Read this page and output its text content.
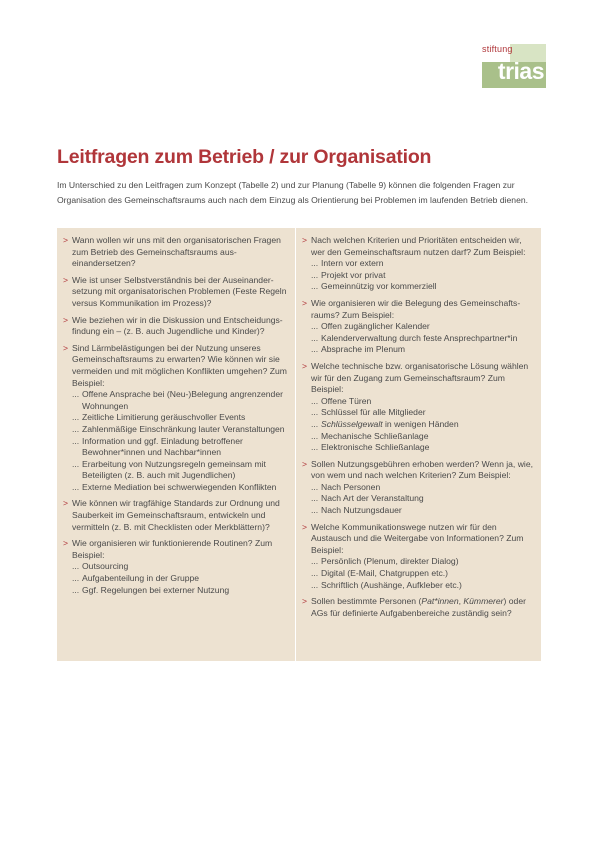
stiftung
trias
Leitfragen zum Betrieb / zur Organisation

Im Unterschied zu den Leitfragen zum Konzept (Tabelle 2) und zur Planung (Tabelle 9) können die folgenden Fragen zur Organisation des Gemeinschaftsraums auch nach dem Einzug als Orientierung bei Problemen im laufenden Betrieb dienen.

> Wann wollen wir uns mit den organisatorischen Fragen zum Betrieb des Gemeinschaftsraums auseinandersetzen?
> Wie ist unser Selbstverständnis bei der Auseinandersetzung mit organisatorischen Problemen (Feste Regeln versus Kommunikation im Prozess)?
> Wie beziehen wir in die Diskussion und Entscheidungsfindung ein – (z. B. auch Jugendliche und Kinder)?
> Sind Lärmbelästigungen bei der Nutzung unseres Gemeinschaftsraums zu erwarten? Wie können wir sie vermeiden und mit möglichen Konflikten umgehen? Zum Beispiel:
... Offene Ansprache bei (Neu-)Belegung angrenzender Wohnungen
... Zeitliche Limitierung geräuschvoller Events
... Zahlenmäßige Einschränkung lauter Veranstaltungen
... Information und ggf. Einladung betroffener Bewohner*innen und Nachbar*innen
... Erarbeitung von Nutzungsregeln gemeinsam mit Beteiligten (z. B. auch mit Jugendlichen)
... Externe Mediation bei schwerwiegenden Konflikten
> Wie können wir tragfähige Standards zur Ordnung und Sauberkeit im Gemeinschaftsraum, entwickeln und vermitteln (z. B. mit Checklisten oder Merkblättern)?
> Wie organisieren wir funktionierende Routinen? Zum Beispiel:
... Outsourcing
... Aufgabenteilung in der Gruppe
... Ggf. Regelungen bei externer Nutzung
> Nach welchen Kriterien und Prioritäten entscheiden wir, wer den Gemeinschaftsraum nutzen darf? Zum Beispiel:
... Intern vor extern
... Projekt vor privat
... Gemeinnützig vor kommerziell
> Wie organisieren wir die Belegung des Gemeinschaftsraums? Zum Beispiel:
... Offen zugänglicher Kalender
... Kalenderverwaltung durch feste Ansprechpartner*in
... Absprache im Plenum
> Welche technische bzw. organisatorische Lösung wählen wir für den Zugang zum Gemeinschaftsraum? Zum Beispiel:
... Offene Türen
... Schlüssel für alle Mitglieder
... Schlüsselgewalt in wenigen Händen
... Mechanische Schließanlage
... Elektronische Schließanlage
> Sollen Nutzungsgebühren erhoben werden? Wenn ja, wie, von wem und nach welchen Kriterien? Zum Beispiel:
... Nach Personen
... Nach Art der Veranstaltung
... Nach Nutzungsdauer
> Welche Kommunikationswege nutzen wir für den Austausch und die Weitergabe von Informationen? Zum Beispiel:
... Persönlich (Plenum, direkter Dialog)
... Digital (E-Mail, Chatgruppen etc.)
... Schriftlich (Aushänge, Aufkleber etc.)
> Sollen bestimmte Personen (Pat*innen, Kümmerer) oder AGs für definierte Aufgabenbereiche zuständig sein?
